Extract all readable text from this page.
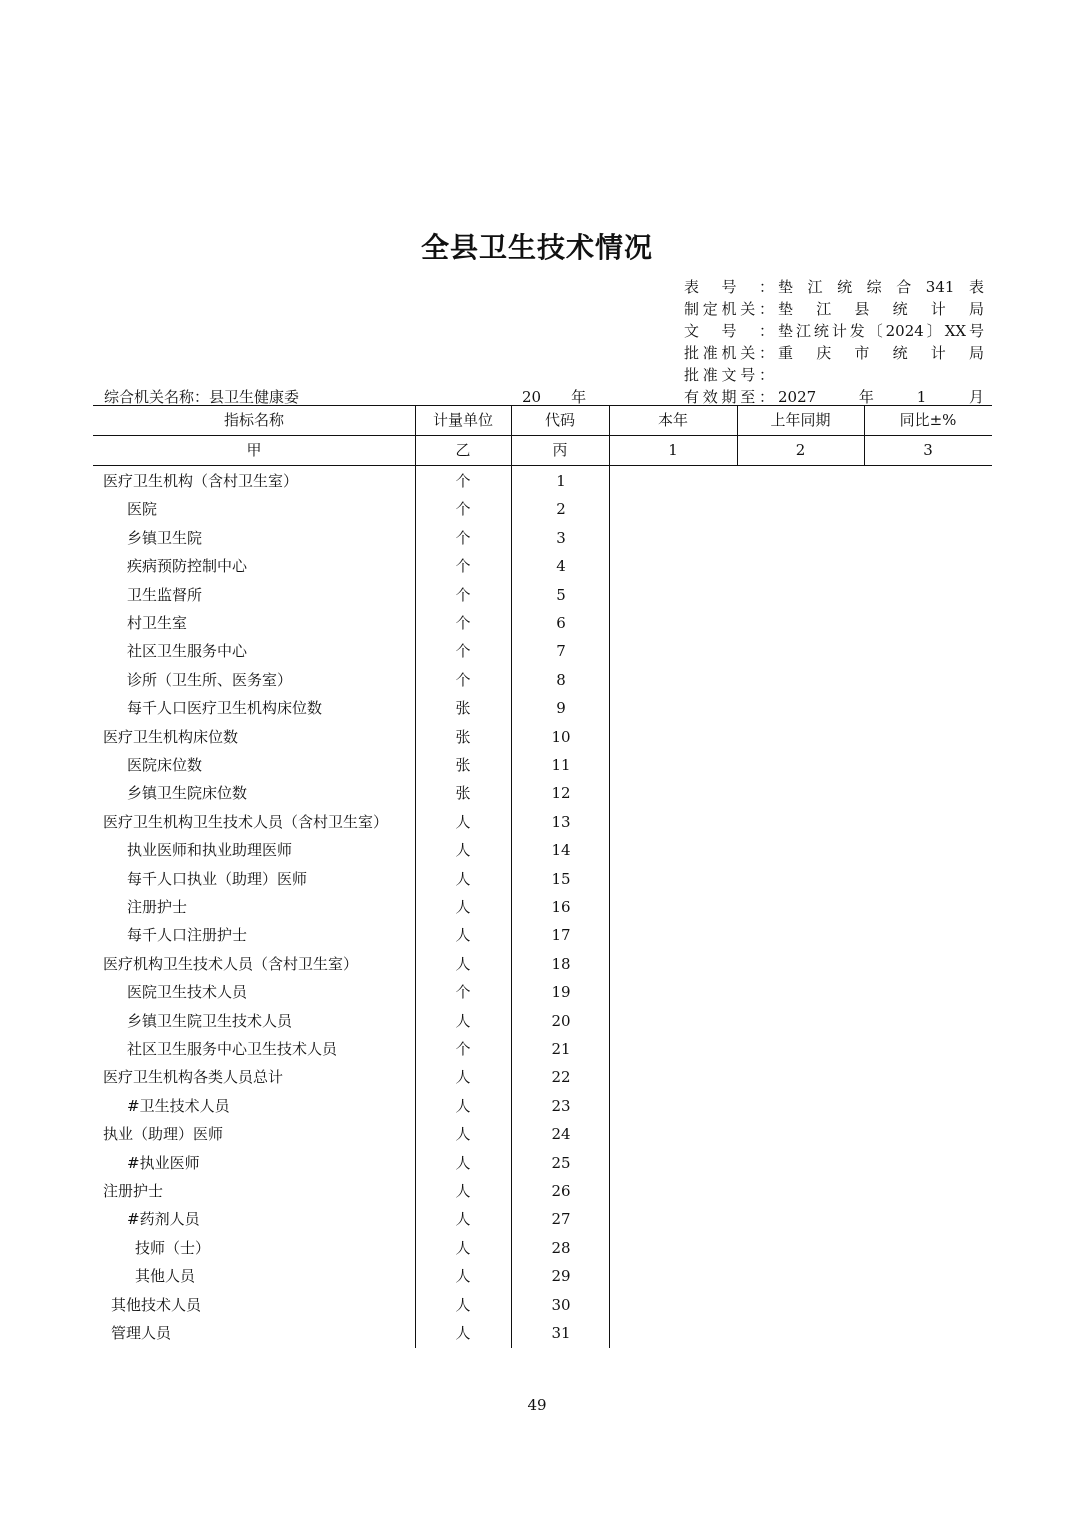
全县卫生技术情况
表号： 垫江统综合341表
制定机关： 垫江县统计局
文号： 垫江统计发〔2024〕XX号
批准机关： 重庆市统计局
批准文号：
有效期至： 2027年1月
综合机关名称：县卫生健康委	20 年
指标名称	计量单位	代码	本年	上年同期	同比±%
甲	乙	丙	1	2	3
医疗卫生机构（含村卫生室）	个	1
医院	个	2
乡镇卫生院	个	3
疾病预防控制中心	个	4
卫生监督所	个	5
村卫生室	个	6
社区卫生服务中心	个	7
诊所（卫生所、医务室）	个	8
每千人口医疗卫生机构床位数	张	9
医疗卫生机构床位数	张	10
医院床位数	张	11
乡镇卫生院床位数	张	12
医疗卫生机构卫生技术人员（含村卫生室）	人	13
执业医师和执业助理医师	人	14
每千人口执业（助理）医师	人	15
注册护士	人	16
每千人口注册护士	人	17
医疗机构卫生技术人员（含村卫生室）	人	18
医院卫生技术人员	个	19
乡镇卫生院卫生技术人员	人	20
社区卫生服务中心卫生技术人员	个	21
医疗卫生机构各类人员总计	人	22
#卫生技术人员	人	23
执业（助理）医师	人	24
#执业医师	人	25
注册护士	人	26
#药剂人员	人	27
技师（士）	人	28
其他人员	人	29
其他技术人员	人	30
管理人员	人	31
49
